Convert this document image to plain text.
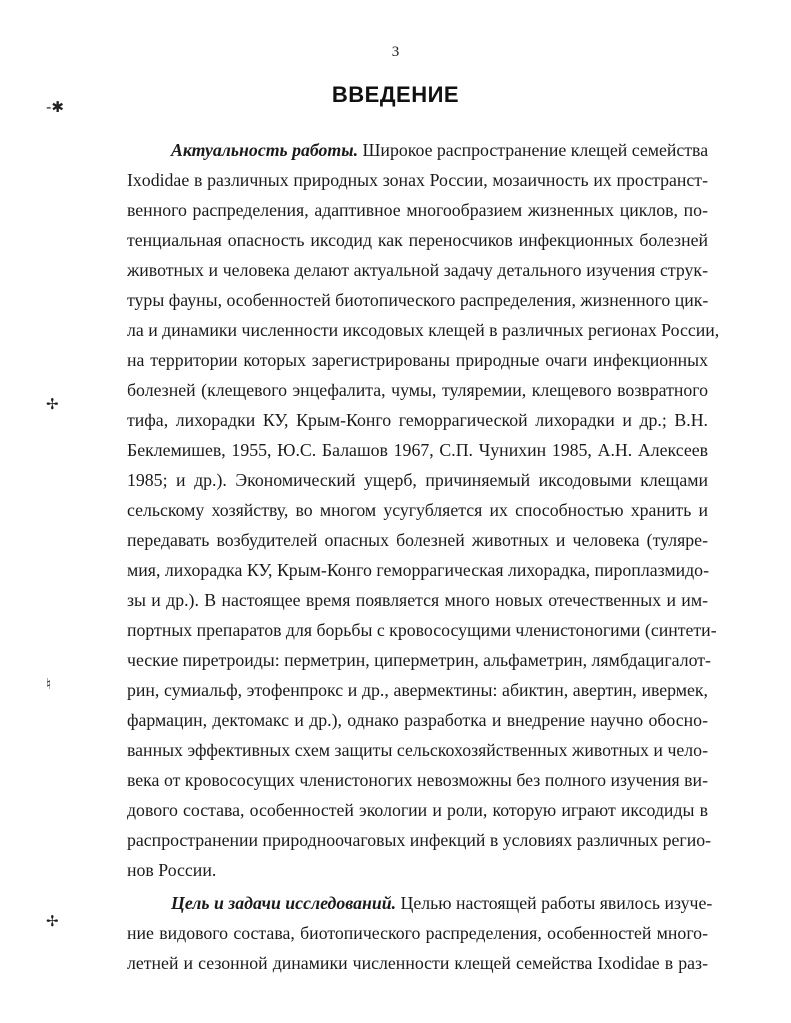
3
ВВЕДЕНИЕ
-✱
✢
♮
✢
Актуальность работы. Широкое распространение клещей семейства
Ixodidae в различных природных зонах России, мозаичность их пространст-
венного распределения, адаптивное многообразием жизненных циклов, по-
тенциальная опасность иксодид как переносчиков инфекционных болезней
животных и человека делают актуальной задачу детального изучения струк-
туры фауны, особенностей биотопического распределения, жизненного цик-
ла и динамики численности иксодовых клещей в различных регионах России,
на территории которых зарегистрированы природные очаги инфекционных
болезней (клещевого энцефалита, чумы, туляремии, клещевого возвратного
тифа, лихорадки КУ, Крым-Конго геморрагической лихорадки и др.; В.Н.
Беклемишев, 1955, Ю.С. Балашов 1967, С.П. Чунихин 1985, А.Н. Алексеев
1985; и др.). Экономический ущерб, причиняемый иксодовыми клещами
сельскому хозяйству, во многом усугубляется их способностью хранить и
передавать возбудителей опасных болезней животных и человека (туляре-
мия, лихорадка КУ, Крым-Конго геморрагическая лихорадка, пироплазмидо-
зы и др.). В настоящее время появляется много новых отечественных и им-
портных препаратов для борьбы с кровососущими членистоногими (синтети-
ческие пиретроиды: перметрин, циперметрин, альфаметрин, лямбдацигалот-
рин, сумиальф, этофенпрокс и др., авермектины: абиктин, авертин, ивермек,
фармацин, дектомакс и др.), однако разработка и внедрение научно обосно-
ванных эффективных схем защиты сельскохозяйственных животных и чело-
века от кровососущих членистоногих невозможны без полного изучения ви-
дового состава, особенностей экологии и роли, которую играют иксодиды в
распространении природноочаговых инфекций в условиях различных регио-
нов России.
Цель и задачи исследований. Целью настоящей работы явилось изуче-
ние видового состава, биотопического распределения, особенностей много-
летней и сезонной динамики численности клещей семейства Ixodidae в раз-
